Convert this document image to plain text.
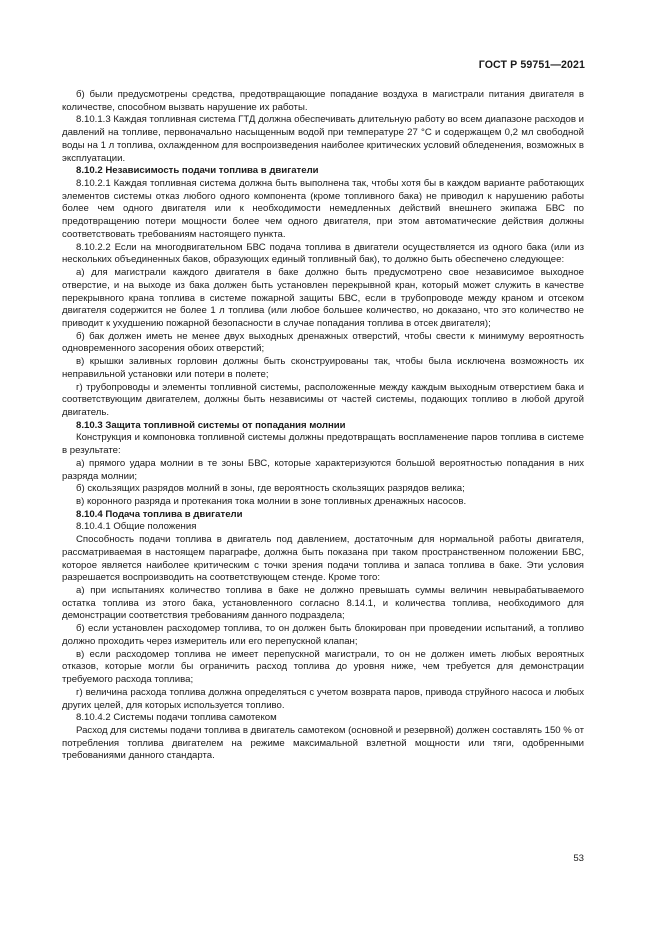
ГОСТ Р 59751—2021

б) были предусмотрены средства, предотвращающие попадание воздуха в магистрали питания двигателя в количестве, способном вызвать нарушение их работы.

8.10.1.3 Каждая топливная система ГТД должна обеспечивать длительную работу во всем диапазоне расходов и давлений на топливе, первоначально насыщенным водой при температуре 27 °C и содержащем 0,2 мл свободной воды на 1 л топлива, охлажденном для воспроизведения наиболее критических условий обледенения, возможных в эксплуатации.

8.10.2 Независимость подачи топлива в двигатели

8.10.2.1 Каждая топливная система должна быть выполнена так, чтобы хотя бы в каждом варианте работающих элементов системы отказ любого одного компонента (кроме топливного бака) не приводил к нарушению работы более чем одного двигателя или к необходимости немедленных действий внешнего экипажа БВС по предотвращению потери мощности более чем одного двигателя, при этом автоматические действия должны соответствовать требованиям настоящего пункта.

8.10.2.2 Если на многодвигательном БВС подача топлива в двигатели осуществляется из одного бака (или из нескольких объединенных баков, образующих единый топливный бак), то должно быть обеспечено следующее:

а) для магистрали каждого двигателя в баке должно быть предусмотрено свое независимое выходное отверстие, и на выходе из бака должен быть установлен перекрывной кран, который может служить в качестве перекрывного крана топлива в системе пожарной защиты БВС, если в трубопроводе между краном и отсеком двигателя содержится не более 1 л топлива (или любое большее количество, но доказано, что это количество не приводит к ухудшению пожарной безопасности в случае попадания топлива в отсек двигателя);

б) бак должен иметь не менее двух выходных дренажных отверстий, чтобы свести к минимуму вероятность одновременного засорения обоих отверстий;

в) крышки заливных горловин должны быть сконструированы так, чтобы была исключена возможность их неправильной установки или потери в полете;

г) трубопроводы и элементы топливной системы, расположенные между каждым выходным отверстием бака и соответствующим двигателем, должны быть независимы от частей системы, подающих топливо в любой другой двигатель.

8.10.3 Защита топливной системы от попадания молнии

Конструкция и компоновка топливной системы должны предотвращать воспламенение паров топлива в системе в результате:

а) прямого удара молнии в те зоны БВС, которые характеризуются большой вероятностью попадания в них разряда молнии;

б) скользящих разрядов молний в зоны, где вероятность скользящих разрядов велика;

в) коронного разряда и протекания тока молнии в зоне топливных дренажных насосов.

8.10.4 Подача топлива в двигатели

8.10.4.1 Общие положения

Способность подачи топлива в двигатель под давлением, достаточным для нормальной работы двигателя, рассматриваемая в настоящем параграфе, должна быть показана при таком пространственном положении БВС, которое является наиболее критическим с точки зрения подачи топлива и запаса топлива в баке. Эти условия разрешается воспроизводить на соответствующем стенде. Кроме того:

а) при испытаниях количество топлива в баке не должно превышать суммы величин невырабатываемого остатка топлива из этого бака, установленного согласно 8.14.1, и количества топлива, необходимого для демонстрации соответствия требованиям данного подраздела;

б) если установлен расходомер топлива, то он должен быть блокирован при проведении испытаний, а топливо должно проходить через измеритель или его перепускной клапан;

в) если расходомер топлива не имеет перепускной магистрали, то он не должен иметь любых вероятных отказов, которые могли бы ограничить расход топлива до уровня ниже, чем требуется для демонстрации требуемого расхода топлива;

г) величина расхода топлива должна определяться с учетом возврата паров, привода струйного насоса и любых других целей, для которых используется топливо.

8.10.4.2 Системы подачи топлива самотеком

Расход для системы подачи топлива в двигатель самотеком (основной и резервной) должен составлять 150 % от потребления топлива двигателем на режиме максимальной взлетной мощности или тяги, одобренными требованиями данного стандарта.

53
